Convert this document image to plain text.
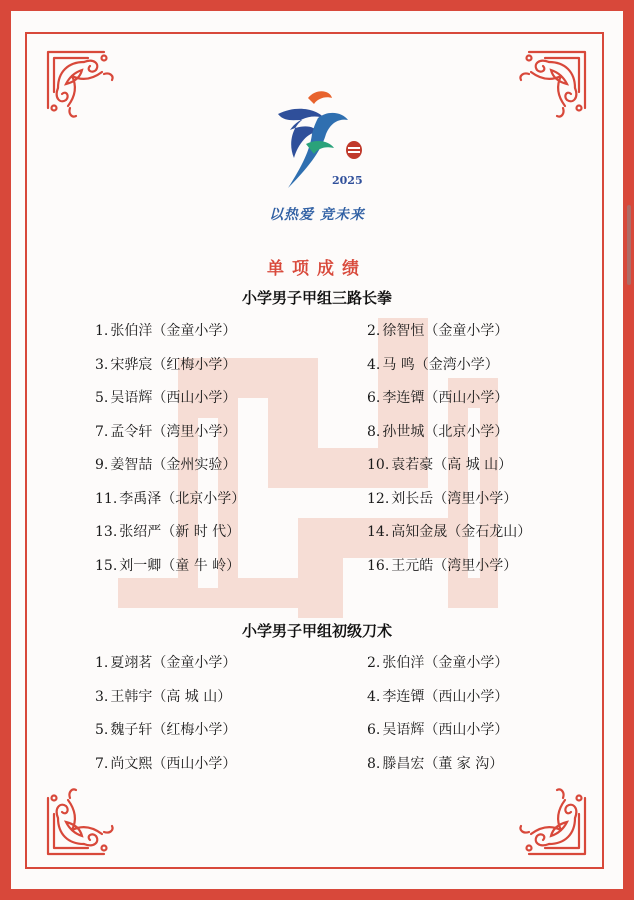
2025
以热爱 竞未来
单项成绩
小学男子甲组三路长拳
1. 张伯洋（金童小学）	2. 徐智恒（金童小学）
3. 宋骅宸（红梅小学）	4. 马 鸣（金湾小学）
5. 吴语辉（西山小学）	6. 李连镡（西山小学）
7. 孟令轩（湾里小学）	8. 孙世城（北京小学）
9. 姜智喆（金州实验）	10. 袁若豪（高 城 山）
11. 李禹泽（北京小学）	12. 刘长岳（湾里小学）
13. 张绍严（新 时 代）	14. 高知金晟（金石龙山）
15. 刘一卿（童 牛 岭）	16. 王元皓（湾里小学）
小学男子甲组初级刀术
1. 夏翊茗（金童小学）	2. 张伯洋（金童小学）
3. 王韩宇（高 城 山）	4. 李连镡（西山小学）
5. 魏子轩（红梅小学）	6. 吴语辉（西山小学）
7. 尚文熙（西山小学）	8. 滕昌宏（董 家 沟）
